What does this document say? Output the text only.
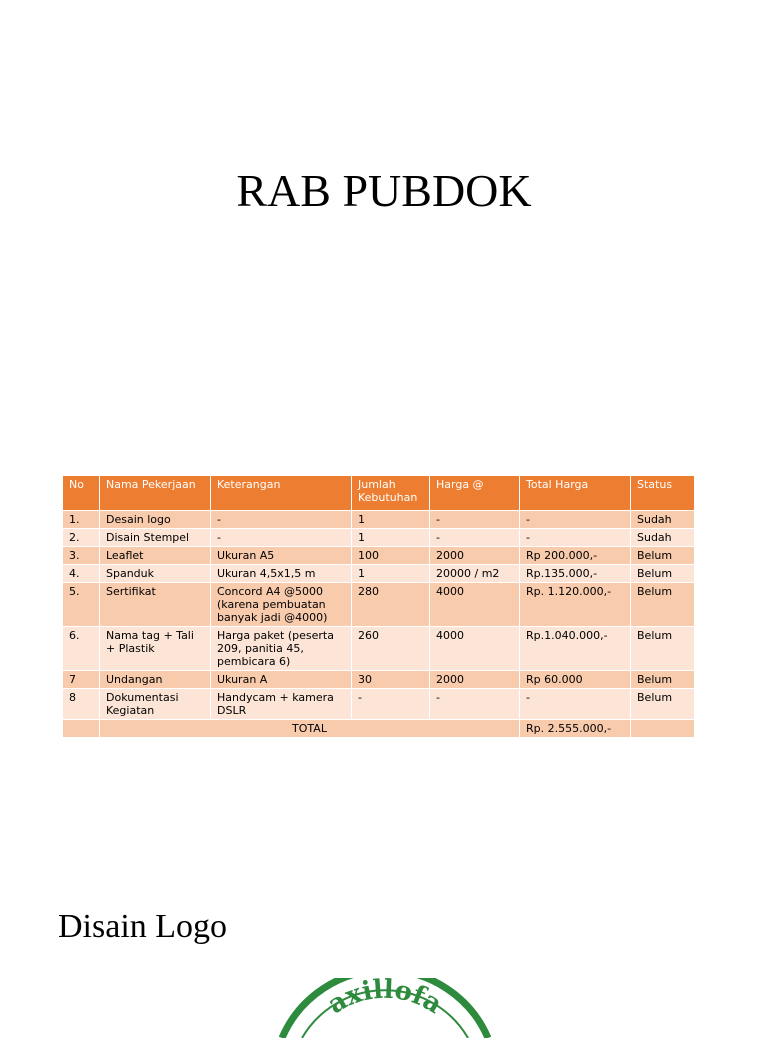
RAB PUBDOK
No	Nama Pekerjaan	Keterangan	Jumlah Kebutuhan	Harga @	Total Harga	Status
1.	Desain logo	-	1	-	-	Sudah
2.	Disain Stempel	-	1	-	-	Sudah
3.	Leaflet	Ukuran A5	100	2000	Rp 200.000,-	Belum
4.	Spanduk	Ukuran 4,5x1,5 m	1	20000 / m2	Rp.135.000,-	Belum
5.	Sertifikat	Concord A4 @5000 (karena pembuatan banyak jadi @4000)	280	4000	Rp. 1.120.000,-	Belum
6.	Nama tag + Tali + Plastik	Harga paket (peserta 209, panitia 45, pembicara 6)	260	4000	Rp.1.040.000,-	Belum
7	Undangan	Ukuran A	30	2000	Rp 60.000	Belum
8	Dokumentasi Kegiatan	Handycam + kamera DSLR	-	-	-	Belum
	TOTAL				Rp. 2.555.000,-	
Disain Logo
axillofa
